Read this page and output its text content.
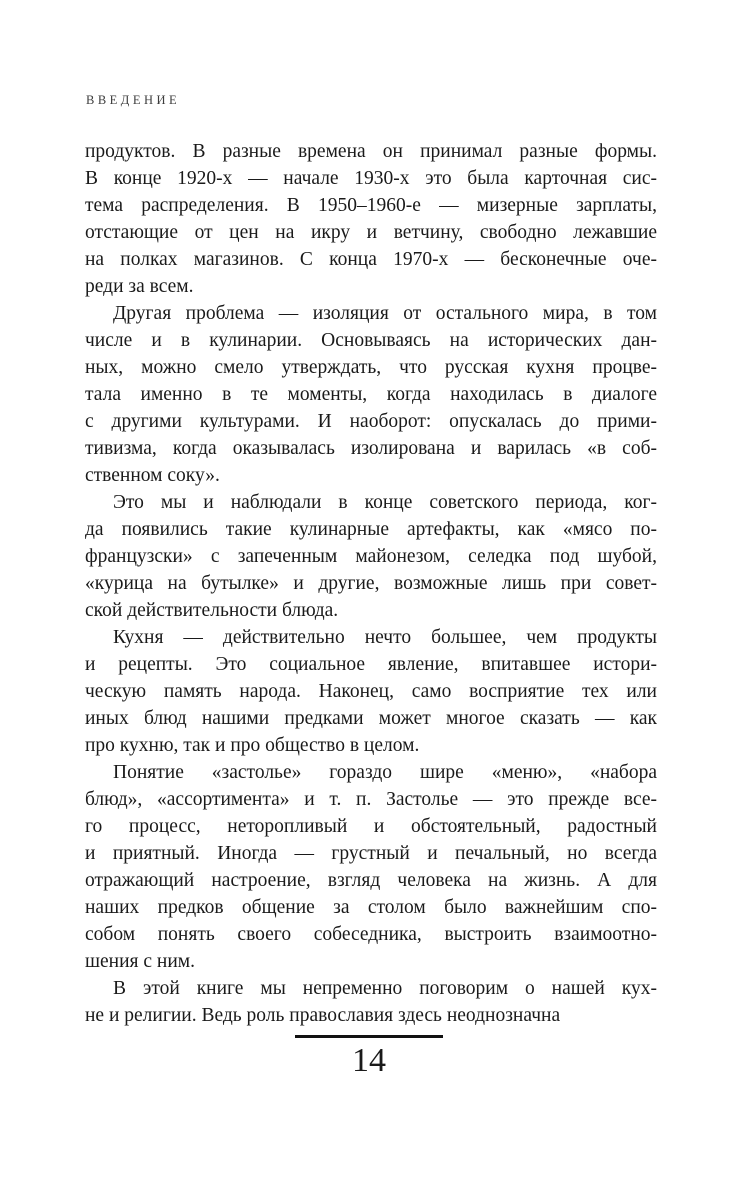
ВВЕДЕНИЕ
продуктов. В разные времена он принимал разные формы.
В конце 1920-х — начале 1930-х это была карточная сис-
тема распределения. В 1950–1960-е — мизерные зарплаты,
отстающие от цен на икру и ветчину, свободно лежавшие
на полках магазинов. С конца 1970-х — бесконечные оче-
реди за всем.
Другая проблема — изоляция от остального мира, в том
числе и в кулинарии. Основываясь на исторических дан-
ных, можно смело утверждать, что русская кухня процве-
тала именно в те моменты, когда находилась в диалоге
с другими культурами. И наоборот: опускалась до прими-
тивизма, когда оказывалась изолирована и варилась «в соб-
ственном соку».
Это мы и наблюдали в конце советского периода, ког-
да появились такие кулинарные артефакты, как «мясо по-
французски» с запеченным майонезом, селедка под шубой,
«курица на бутылке» и другие, возможные лишь при совет-
ской действительности блюда.
Кухня — действительно нечто большее, чем продукты
и рецепты. Это социальное явление, впитавшее истори-
ческую память народа. Наконец, само восприятие тех или
иных блюд нашими предками может многое сказать — как
про кухню, так и про общество в целом.
Понятие «застолье» гораздо шире «меню», «набора
блюд», «ассортимента» и т. п. Застолье — это прежде все-
го процесс, неторопливый и обстоятельный, радостный
и приятный. Иногда — грустный и печальный, но всегда
отражающий настроение, взгляд человека на жизнь. А для
наших предков общение за столом было важнейшим спо-
собом понять своего собеседника, выстроить взаимоотно-
шения с ним.
В этой книге мы непременно поговорим о нашей кух-
не и религии. Ведь роль православия здесь неоднозначна
14
